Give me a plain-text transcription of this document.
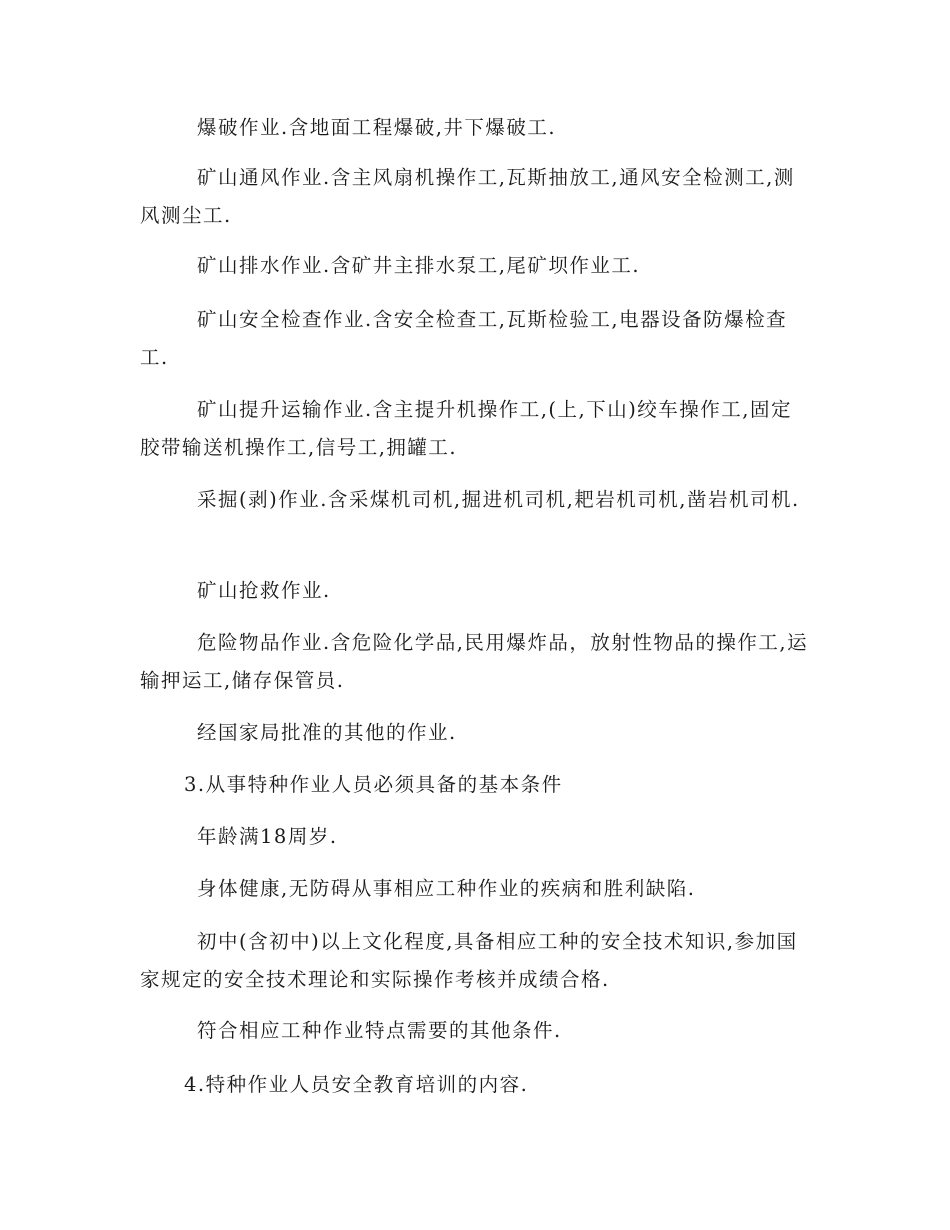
爆破作业.含地面工程爆破,井下爆破工.

矿山通风作业.含主风扇机操作工,瓦斯抽放工,通风安全检测工,测风测尘工.

矿山排水作业.含矿井主排水泵工,尾矿坝作业工.

矿山安全检查作业.含安全检查工,瓦斯检验工,电器设备防爆检查工.

矿山提升运输作业.含主提升机操作工,(上,下山)绞车操作工,固定胶带输送机操作工,信号工,拥罐工.

采掘(剥)作业.含采煤机司机,掘进机司机,耙岩机司机,凿岩机司机.

矿山抢救作业.

危险物品作业.含危险化学品,民用爆炸品，放射性物品的操作工,运输押运工,储存保管员.

经国家局批准的其他的作业.

3.从事特种作业人员必须具备的基本条件

年龄满18周岁.

身体健康,无防碍从事相应工种作业的疾病和胜利缺陷.

初中(含初中)以上文化程度,具备相应工种的安全技术知识,参加国家规定的安全技术理论和实际操作考核并成绩合格.

符合相应工种作业特点需要的其他条件.

4.特种作业人员安全教育培训的内容.
